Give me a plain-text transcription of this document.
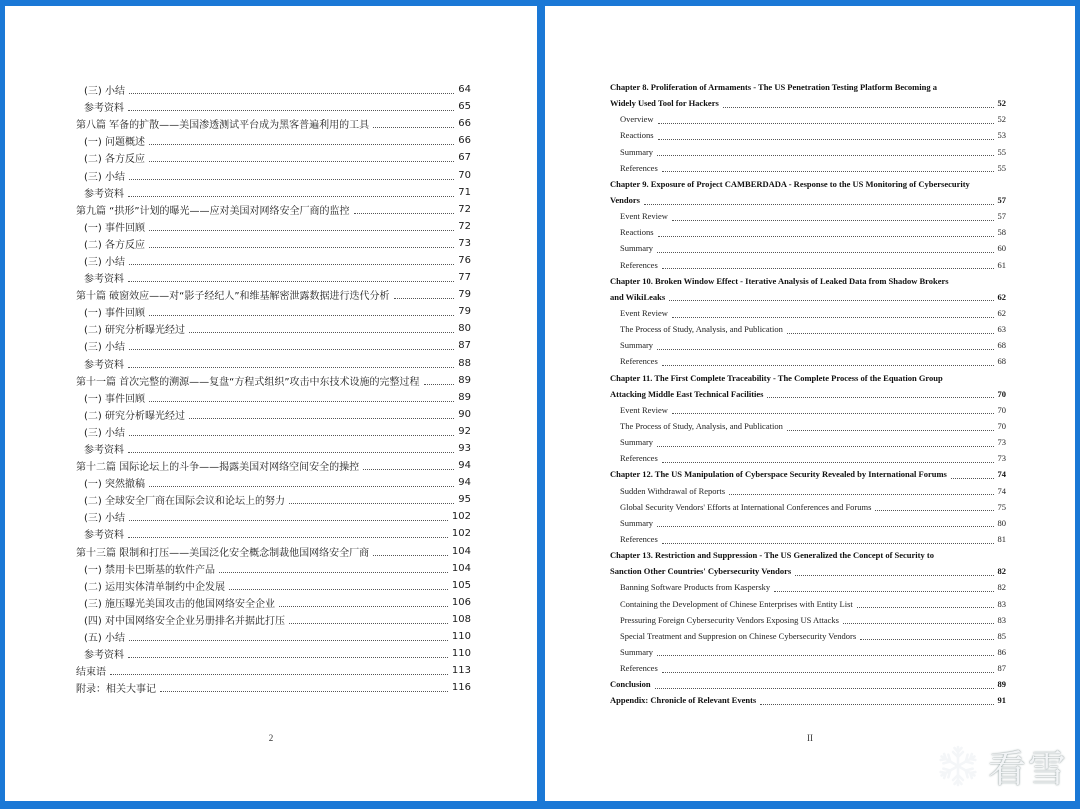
(三) 小结	64
参考资料	65
第八篇 军备的扩散——美国渗透测试平台成为黑客普遍利用的工具	66
(一) 问题概述	66
(二) 各方反应	67
(三) 小结	70
参考资料	71
第九篇 “拱形”计划的曝光——应对美国对网络安全厂商的监控	72
(一) 事件回顾	72
(二) 各方反应	73
(三) 小结	76
参考资料	77
第十篇 破窗效应——对“影子经纪人”和维基解密泄露数据进行迭代分析	79
(一) 事件回顾	79
(二) 研究分析曝光经过	80
(三) 小结	87
参考资料	88
第十一篇 首次完整的溯源——复盘“方程式组织”攻击中东技术设施的完整过程	89
(一) 事件回顾	89
(二) 研究分析曝光经过	90
(三) 小结	92
参考资料	93
第十二篇 国际论坛上的斗争——揭露美国对网络空间安全的操控	94
(一) 突然撤稿	94
(二) 全球安全厂商在国际会议和论坛上的努力	95
(三) 小结	102
参考资料	102
第十三篇 限制和打压——美国泛化安全概念制裁他国网络安全厂商	104
(一) 禁用卡巴斯基的软件产品	104
(二) 运用实体清单制约中企发展	105
(三) 施压曝光美国攻击的他国网络安全企业	106
(四) 对中国网络安全企业另册排名并据此打压	108
(五) 小结	110
参考资料	110
结束语	113
附录：相关大事记	116
2
Chapter 8. Proliferation of Armaments - The US Penetration Testing Platform Becoming a
Widely Used Tool for Hackers	52
Overview	52
Reactions	53
Summary	55
References	55
Chapter 9. Exposure of Project CAMBERDADA - Response to the US Monitoring of Cybersecurity
Vendors	57
Event Review	57
Reactions	58
Summary	60
References	61
Chapter 10. Broken Window Effect - Iterative Analysis of Leaked Data from Shadow Brokers
and WikiLeaks	62
Event Review	62
The Process of Study, Analysis, and Publication	63
Summary	68
References	68
Chapter 11. The First Complete Traceability - The Complete Process of the Equation Group
Attacking Middle East Technical Facilities	70
Event Review	70
The Process of Study, Analysis, and Publication	70
Summary	73
References	73
Chapter 12. The US Manipulation of Cyberspace Security Revealed by International Forums	74
Sudden Withdrawal of Reports	74
Global Security Vendors' Efforts at International Conferences and Forums	75
Summary	80
References	81
Chapter 13. Restriction and Suppression - The US Generalized the Concept of Security to
Sanction Other Countries' Cybersecurity Vendors	82
Banning Software Products from Kaspersky	82
Containing the Development of Chinese Enterprises with Entity List	83
Pressuring Foreign Cybersecurity Vendors Exposing US Attacks	83
Special Treatment and Suppresion on Chinese Cybersecurity Vendors	85
Summary	86
References	87
Conclusion	89
Appendix: Chronicle of Relevant Events	91
II
看雪
